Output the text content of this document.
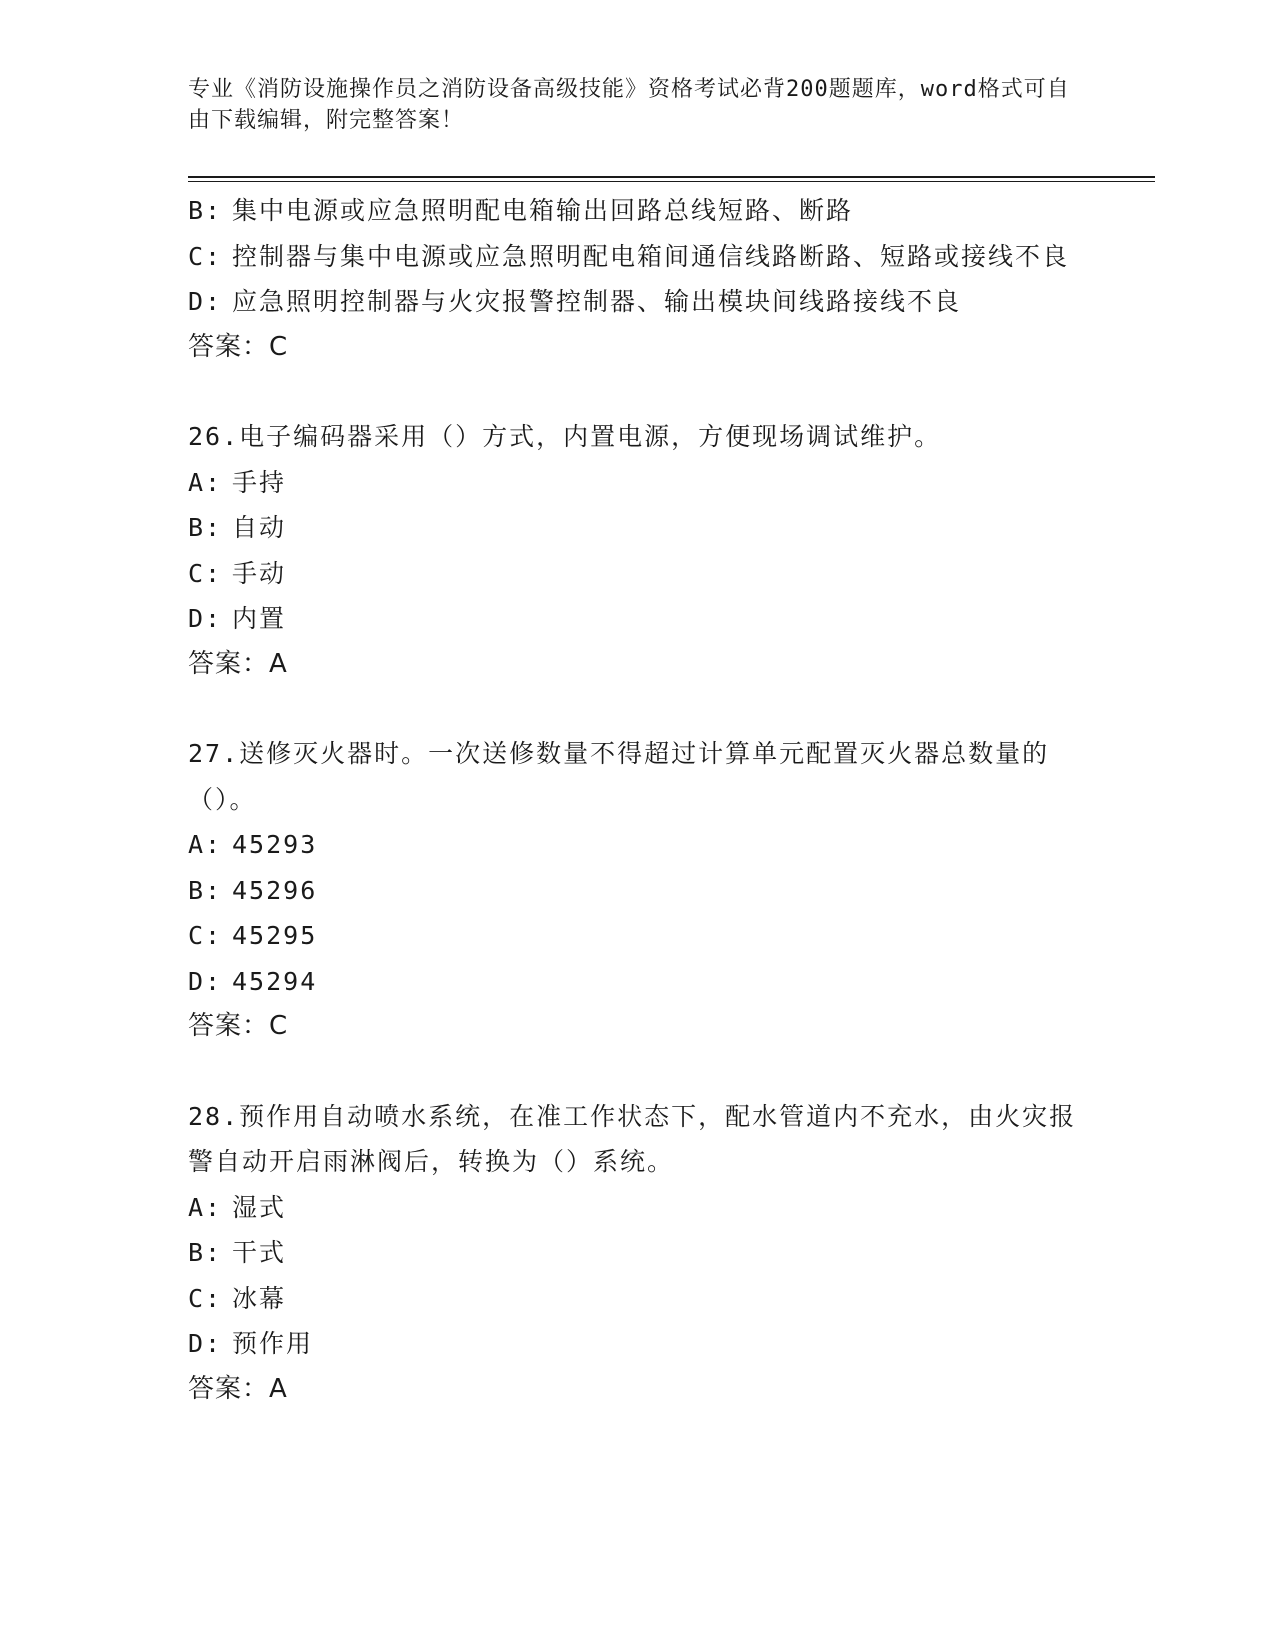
专业《消防设施操作员之消防设备高级技能》资格考试必背200题题库，word格式可自由下载编辑，附完整答案！
B: 集中电源或应急照明配电箱输出回路总线短路、断路
C: 控制器与集中电源或应急照明配电箱间通信线路断路、短路或接线不良
D: 应急照明控制器与火灾报警控制器、输出模块间线路接线不良
答案：C
26.电子编码器采用（）方式，内置电源，方便现场调试维护。
A: 手持
B: 自动
C: 手动
D: 内置
答案：A
27.送修灭火器时。一次送修数量不得超过计算单元配置灭火器总数量的（）。
A: 45293
B: 45296
C: 45295
D: 45294
答案：C
28.预作用自动喷水系统，在准工作状态下，配水管道内不充水，由火灾报警自动开启雨淋阀后，转换为（）系统。
A: 湿式
B: 干式
C: 冰幕
D: 预作用
答案：A
